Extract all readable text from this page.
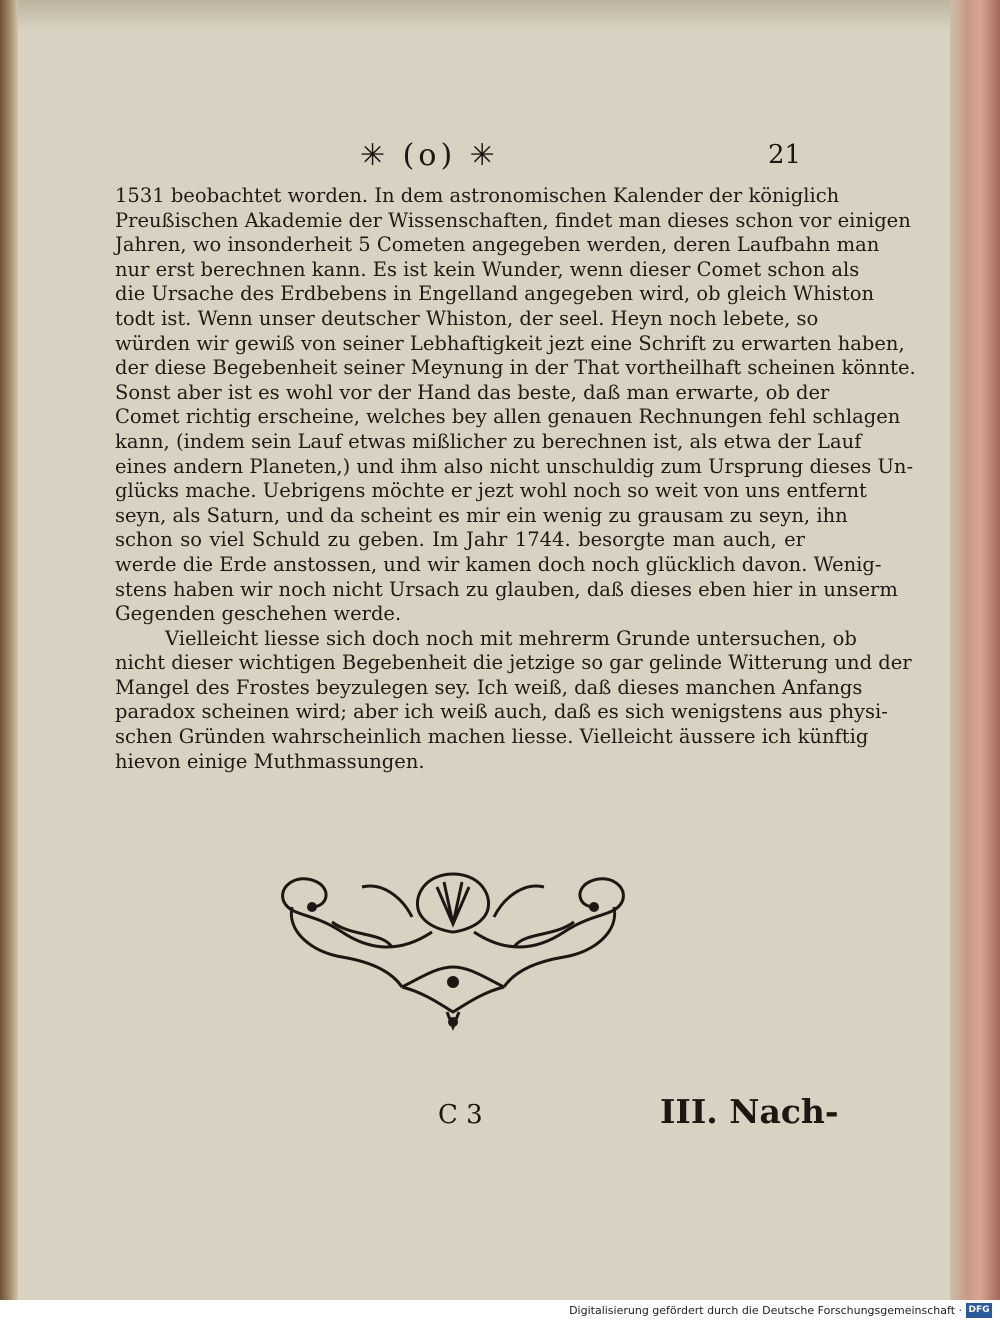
✳ (o) ✳	21
1531 beobachtet worden. In dem astronomischen Kalender der königlich
Preußischen Akademie der Wissenschaften, findet man dieses schon vor einigen
Jahren, wo insonderheit 5 Cometen angegeben werden, deren Laufbahn man
nur erst berechnen kann. Es ist kein Wunder, wenn dieser Comet schon als
die Ursache des Erdbebens in Engelland angegeben wird, ob gleich Whiston
todt ist. Wenn unser deutscher Whiston, der seel. Heyn noch lebete, so
würden wir gewiß von seiner Lebhaftigkeit jezt eine Schrift zu erwarten haben,
der diese Begebenheit seiner Meynung in der That vortheilhaft scheinen könnte.
Sonst aber ist es wohl vor der Hand das beste, daß man erwarte, ob der
Comet richtig erscheine, welches bey allen genauen Rechnungen fehl schlagen
kann, (indem sein Lauf etwas mißlicher zu berechnen ist, als etwa der Lauf
eines andern Planeten,) und ihm also nicht unschuldig zum Ursprung dieses Un-
glücks mache. Uebrigens möchte er jezt wohl noch so weit von uns entfernt
seyn, als Saturn, und da scheint es mir ein wenig zu grausam zu seyn, ihn
schon so viel Schuld zu geben. Im Jahr 1744. besorgte man auch, er
werde die Erde anstossen, und wir kamen doch noch glücklich davon. Wenig-
stens haben wir noch nicht Ursach zu glauben, daß dieses eben hier in unserm
Gegenden geschehen werde.
Vielleicht liesse sich doch noch mit mehrerm Grunde untersuchen, ob
nicht dieser wichtigen Begebenheit die jetzige so gar gelinde Witterung und der
Mangel des Frostes beyzulegen sey. Ich weiß, daß dieses manchen Anfangs
paradox scheinen wird; aber ich weiß auch, daß es sich wenigstens aus physi-
schen Gründen wahrscheinlich machen liesse. Vielleicht äussere ich künftig
hievon einige Muthmassungen.
C 3	III. Nach-
Digitalisierung gefördert durch die Deutsche Forschungsgemeinschaft · DFG
